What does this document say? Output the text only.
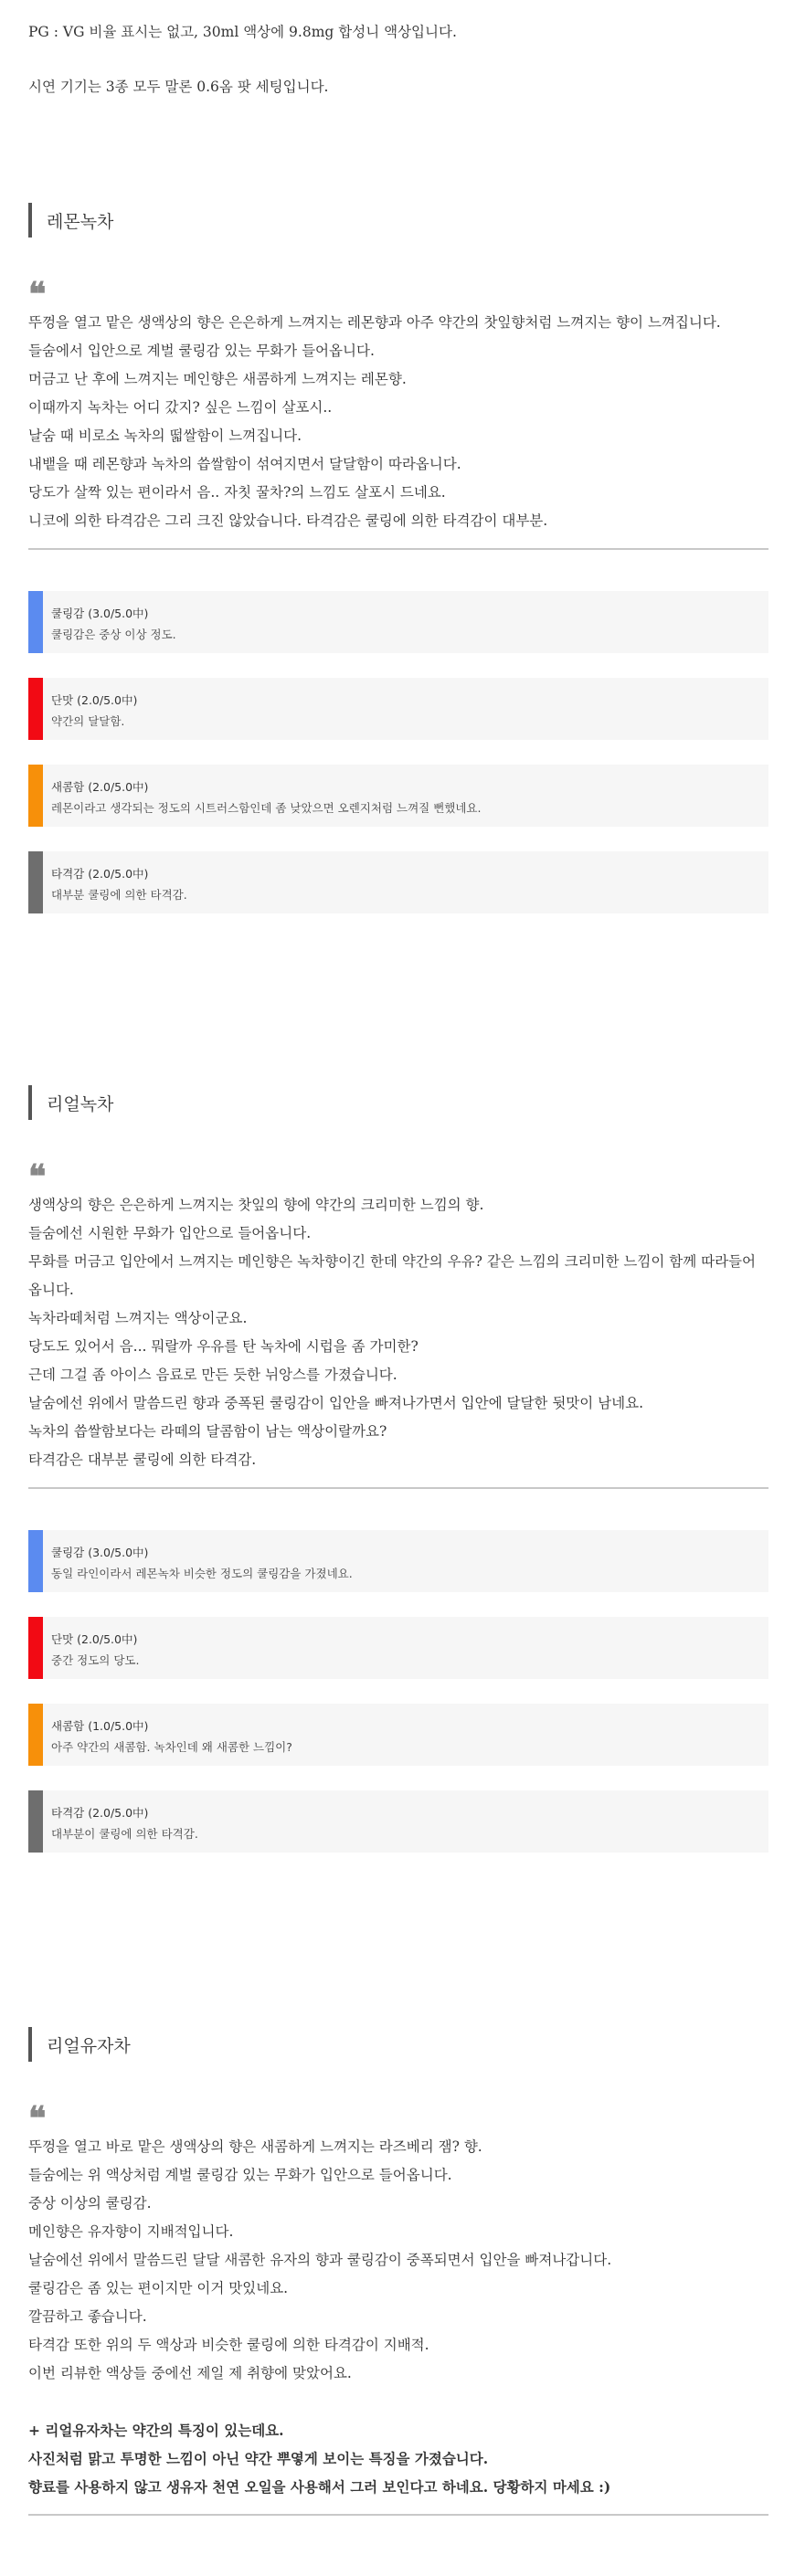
PG : VG 비율 표시는 없고, 30ml 액상에 9.8mg 합성니 액상입니다.

시연 기기는 3종 모두 말론 0.6옴 팟 세팅입니다.

레몬녹차
❝
뚜껑을 열고 맡은 생액상의 향은 은은하게 느껴지는 레몬향과 아주 약간의 찻잎향처럼 느껴지는 향이 느껴집니다.
들숨에서 입안으로 계벌 쿨링감 있는 무화가 들어옵니다.
머금고 난 후에 느껴지는 메인향은 새콤하게 느껴지는 레몬향.
이때까지 녹차는 어디 갔지? 싶은 느낌이 살포시..
날숨 때 비로소 녹차의 떫쌀함이 느껴집니다.
내뱉을 때 레몬향과 녹차의 씁쌀함이 섞여지면서 달달함이 따라옵니다.
당도가 살짝 있는 편이라서 음.. 자칫 꿀차?의 느낌도 살포시 드네요.
니코에 의한 타격감은 그리 크진 않았습니다. 타격감은 쿨링에 의한 타격감이 대부분.
쿨링감 (3.0/5.0中)
쿨링감은 중상 이상 정도.
단맛 (2.0/5.0中)
약간의 달달함.
새콤함 (2.0/5.0中)
레몬이라고 생각되는 정도의 시트러스함인데 좀 낮았으면 오렌지처럼 느껴질 뻔했네요.
타격감 (2.0/5.0中)
대부분 쿨링에 의한 타격감.
리얼녹차
❝
생액상의 향은 은은하게 느껴지는 찻잎의 향에 약간의 크리미한 느낌의 향.
들숨에선 시원한 무화가 입안으로 들어옵니다.
무화를 머금고 입안에서 느껴지는 메인향은 녹차향이긴 한데 약간의 우유? 같은 느낌의 크리미한 느낌이 함께 따라들어옵니다.
녹차라떼처럼 느껴지는 액상이군요.
당도도 있어서 음... 뭐랄까 우유를 탄 녹차에 시럽을 좀 가미한?
근데 그걸 좀 아이스 음료로 만든 듯한 뉘앙스를 가졌습니다.
날숨에선 위에서 말씀드린 향과 중폭된 쿨링감이 입안을 빠져나가면서 입안에 달달한 뒷맛이 남네요.
녹차의 씁쌀함보다는 라떼의 달콤함이 남는 액상이랄까요?
타격감은 대부분 쿨링에 의한 타격감.
쿨링감 (3.0/5.0中)
동일 라인이라서 레몬녹차 비슷한 정도의 쿨링감을 가졌네요.
단맛 (2.0/5.0中)
중간 정도의 당도.
새콤함 (1.0/5.0中)
아주 약간의 새콤함. 녹차인데 왜 새콤한 느낌이?
타격감 (2.0/5.0中)
대부분이 쿨링에 의한 타격감.
리얼유자차
❝
뚜껑을 열고 바로 맡은 생액상의 향은 새콤하게 느껴지는 라즈베리 잼? 향.
들숨에는 위 액상처럼 계벌 쿨링감 있는 무화가 입안으로 들어옵니다.
중상 이상의 쿨링감.
메인향은 유자향이 지배적입니다.
날숨에선 위에서 말씀드린 달달 새콤한 유자의 향과 쿨링감이 중폭되면서 입안을 빠져나갑니다.
쿨링감은 좀 있는 편이지만 이거 맛있네요.
깔끔하고 좋습니다.
타격감 또한 위의 두 액상과 비슷한 쿨링에 의한 타격감이 지배적.
이번 리뷰한 액상들 중에선 제일 제 취향에 맞았어요.
+ 리얼유자차는 약간의 특징이 있는데요.
사진처럼 맑고 투명한 느낌이 아닌 약간 뿌옇게 보이는 특징을 가졌습니다.
향료를 사용하지 않고 생유자 천연 오일을 사용해서 그러 보인다고 하네요. 당황하지 마세요 :)
